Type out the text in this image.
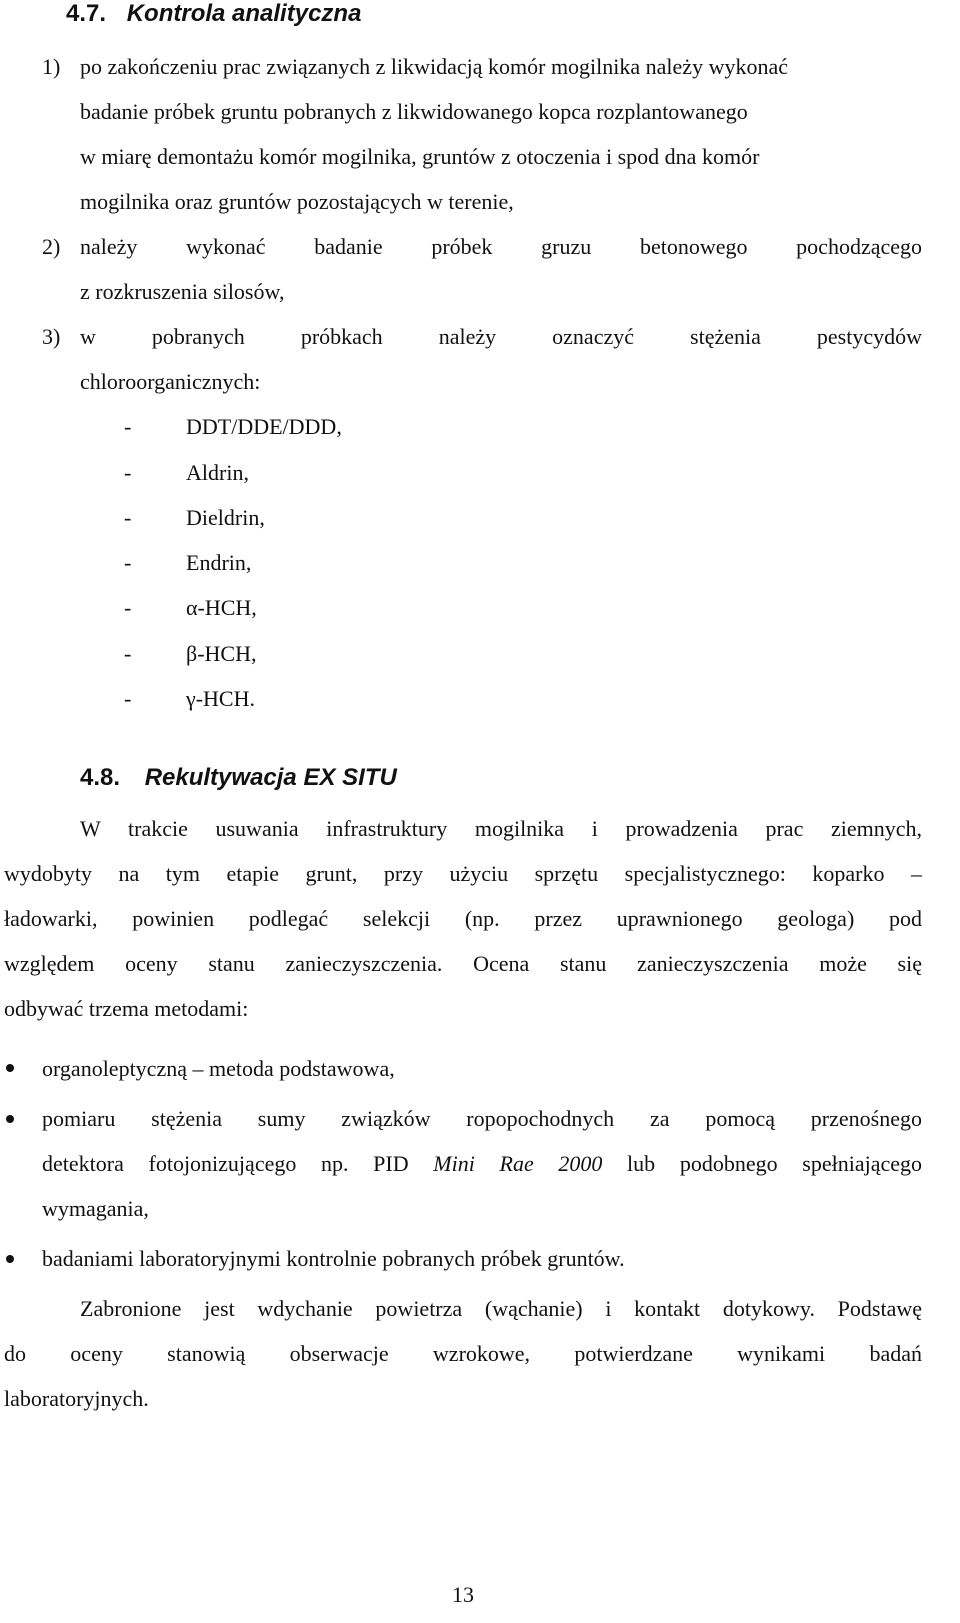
4.7. Kontrola analityczna
1) po zakończeniu prac związanych z likwidacją komór mogilnika należy wykonać
badanie próbek gruntu pobranych z likwidowanego kopca rozplantowanego
w miarę demontażu komór mogilnika, gruntów z otoczenia i spod dna komór
mogilnika oraz gruntów pozostających w terenie,
2) należy wykonać badanie próbek gruzu betonowego pochodzącego
z rozkruszenia silosów,
3) w pobranych próbkach należy oznaczyć stężenia pestycydów
chloroorganicznych:
- DDT/DDE/DDD,
- Aldrin,
- Dieldrin,
- Endrin,
- α-HCH,
- β-HCH,
- γ-HCH.
4.8. Rekultywacja EX SITU
W trakcie usuwania infrastruktury mogilnika i prowadzenia prac ziemnych,
wydobyty na tym etapie grunt, przy użyciu sprzętu specjalistycznego: koparko –
ładowarki, powinien podlegać selekcji (np. przez uprawnionego geologa) pod
względem oceny stanu zanieczyszczenia. Ocena stanu zanieczyszczenia może się
odbywać trzema metodami:
organoleptyczną – metoda podstawowa,
pomiaru stężenia sumy związków ropopochodnych za pomocą przenośnego
detektora fotojonizującego np. PID Mini Rae 2000 lub podobnego spełniającego
wymagania,
badaniami laboratoryjnymi kontrolnie pobranych próbek gruntów.
Zabronione jest wdychanie powietrza (wąchanie) i kontakt dotykowy. Podstawę
do oceny stanowią obserwacje wzrokowe, potwierdzane wynikami badań
laboratoryjnych.
13
